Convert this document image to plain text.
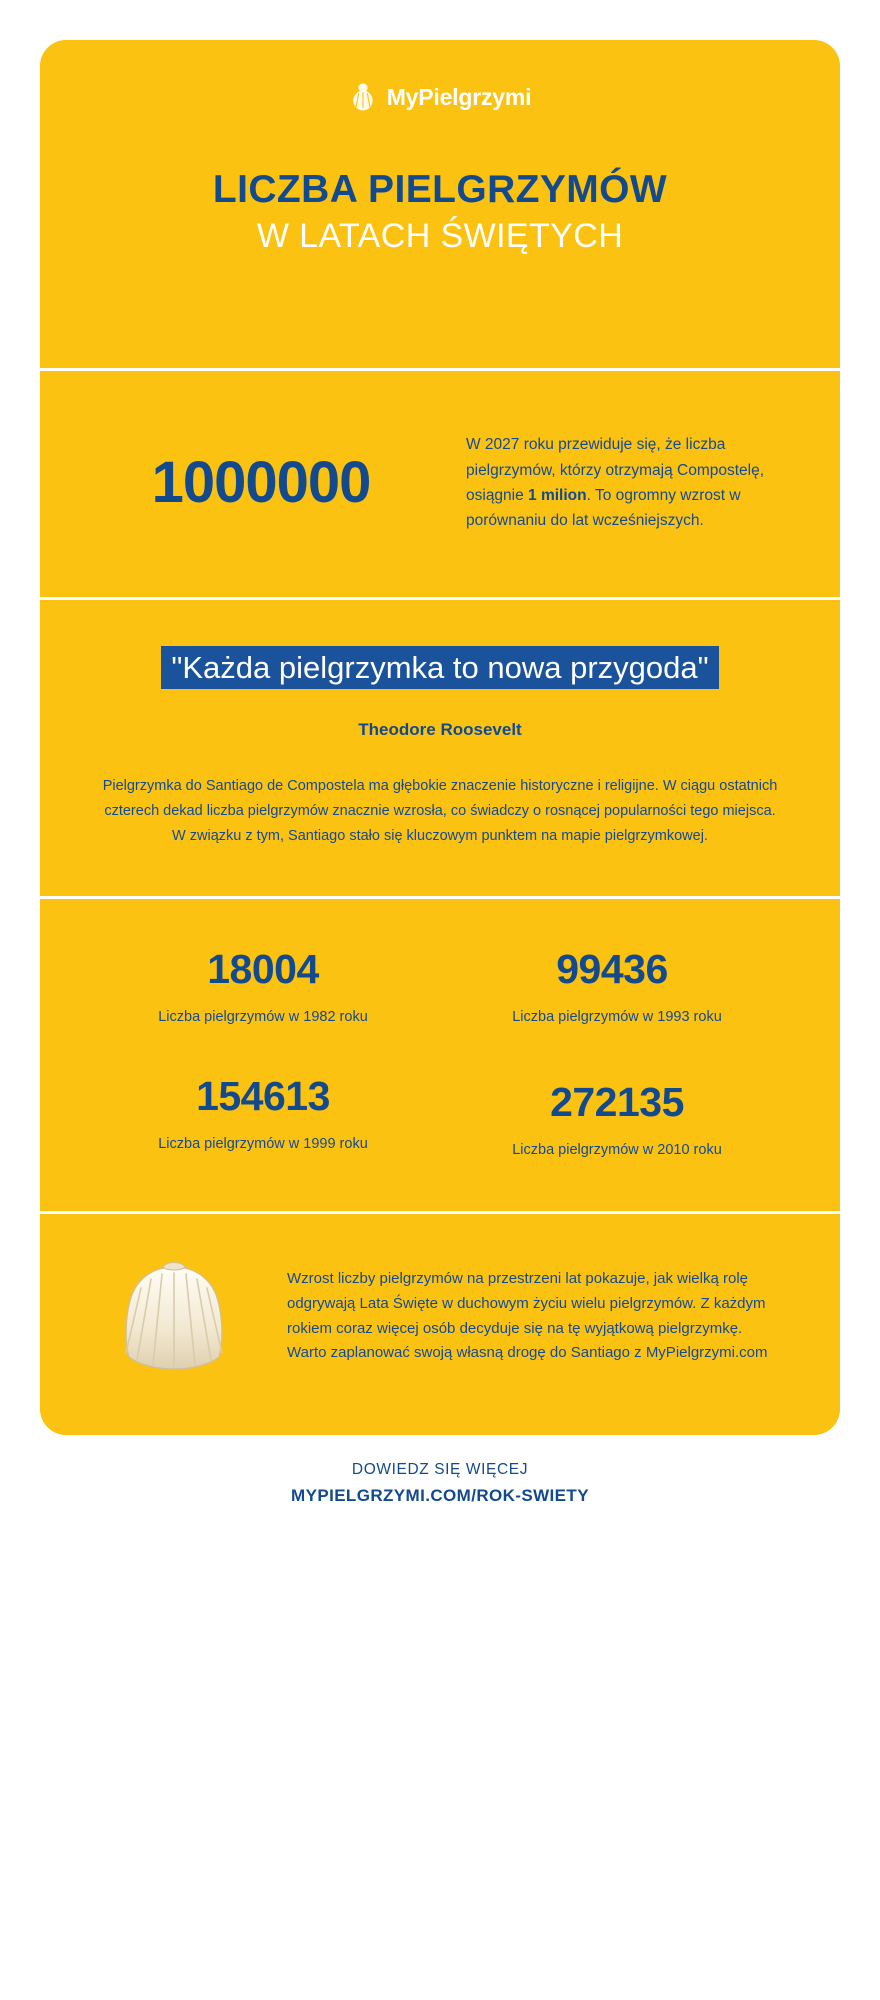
MyPielgrzymi
LICZBA PIELGRZYMÓW
W LATACH ŚWIĘTYCH
1000000
W 2027 roku przewiduje się, że liczba pielgrzymów, którzy otrzymają Compostelę, osiągnie 1 milion. To ogromny wzrost w porównaniu do lat wcześniejszych.
"Każda pielgrzymka to nowa przygoda"
Theodore Roosevelt
Pielgrzymka do Santiago de Compostela ma głębokie znaczenie historyczne i religijne. W ciągu ostatnich czterech dekad liczba pielgrzymów znacznie wzrosła, co świadczy o rosnącej popularności tego miejsca. W związku z tym, Santiago stało się kluczowym punktem na mapie pielgrzymkowej.
18004
Liczba pielgrzymów w 1982 roku
99436
Liczba pielgrzymów w 1993 roku
154613
Liczba pielgrzymów w 1999 roku
272135
Liczba pielgrzymów w 2010 roku
Wzrost liczby pielgrzymów na przestrzeni lat pokazuje, jak wielką rolę odgrywają Lata Święte w duchowym życiu wielu pielgrzymów. Z każdym rokiem coraz więcej osób decyduje się na tę wyjątkową pielgrzymkę. Warto zaplanować swoją własną drogę do Santiago z MyPielgrzymi.com
DOWIEDZ SIĘ WIĘCEJ
MYPIELGRZYMI.COM/ROK-SWIETY
